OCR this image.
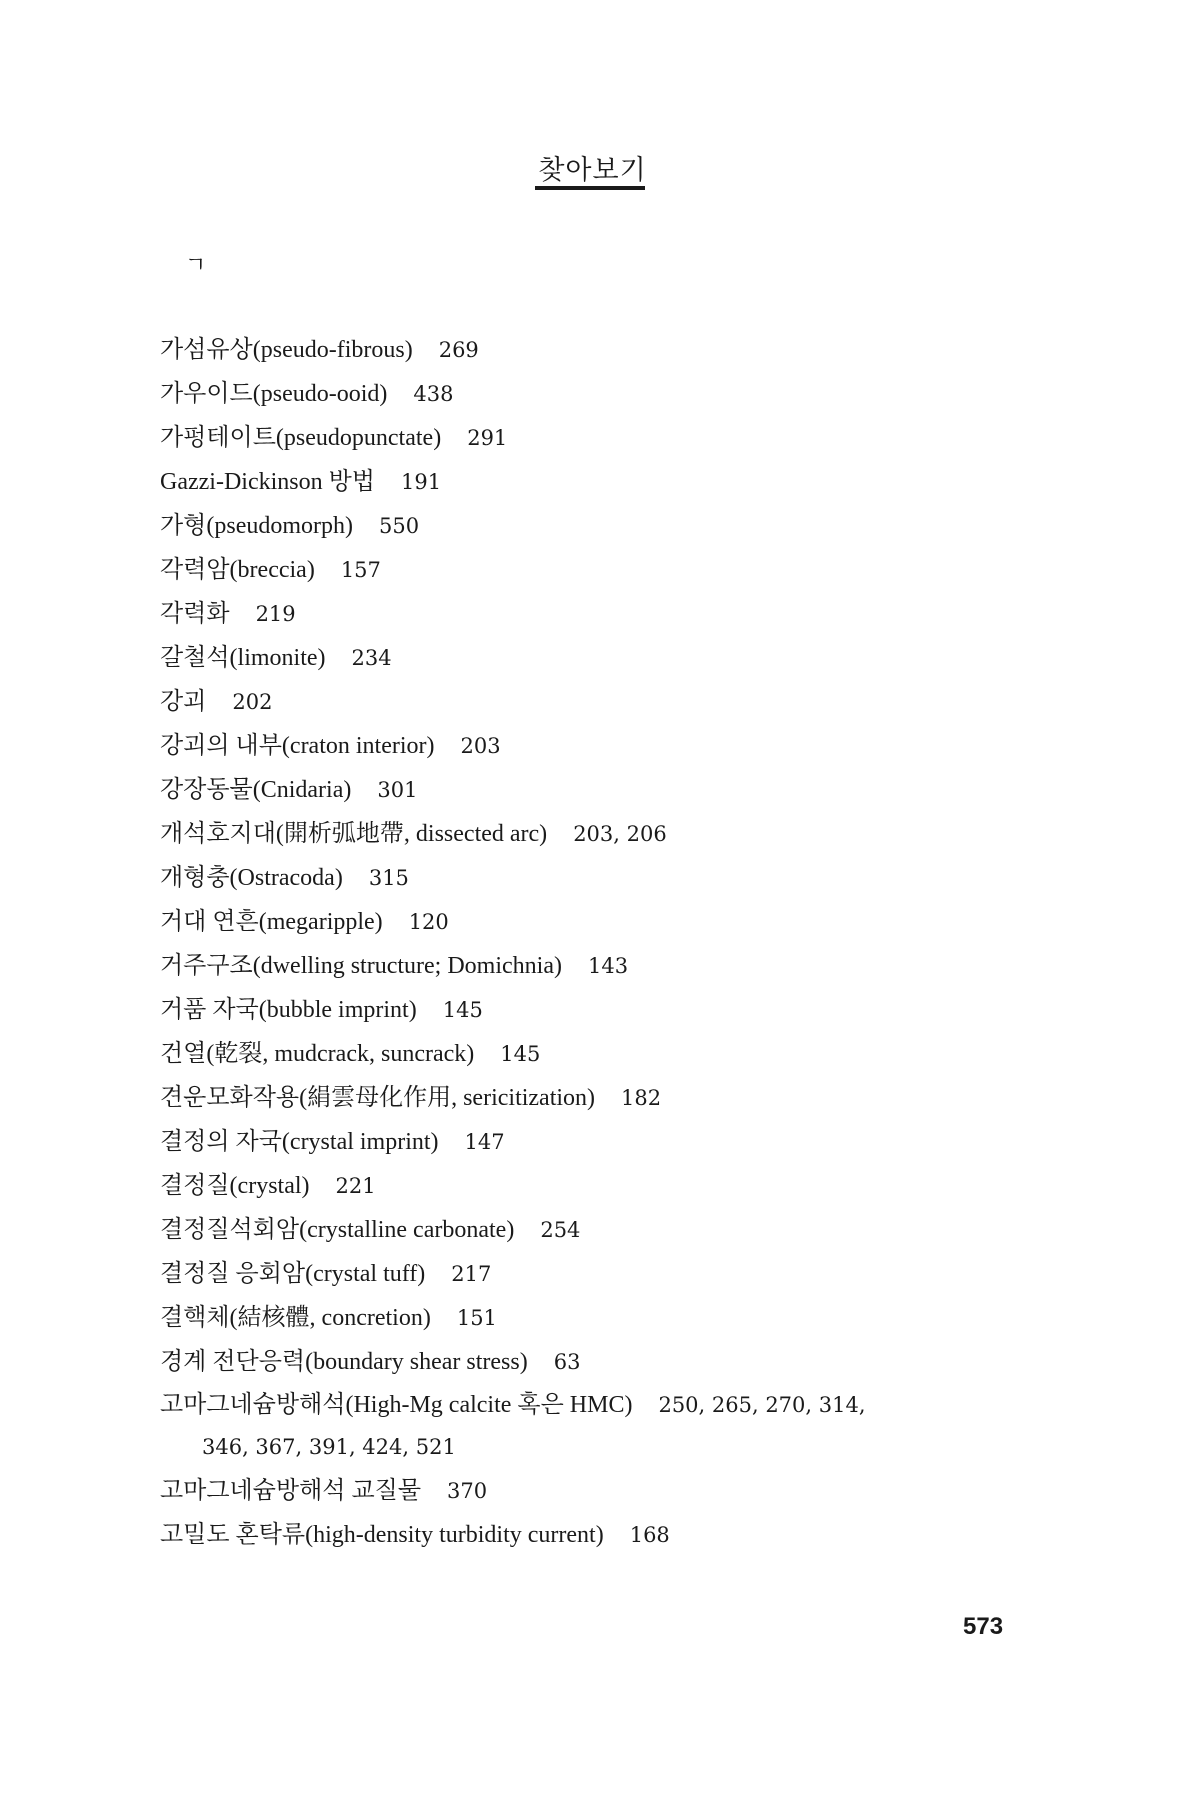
찾아보기
ㄱ
가섬유상(pseudo-fibrous) 269
가우이드(pseudo-ooid) 438
가펑테이트(pseudopunctate) 291
Gazzi-Dickinson 방법 191
가형(pseudomorph) 550
각력암(breccia) 157
각력화 219
갈철석(limonite) 234
강괴 202
강괴의 내부(craton interior) 203
강장동물(Cnidaria) 301
개석호지대(開析弧地帶, dissected arc) 203, 206
개형충(Ostracoda) 315
거대 연흔(megaripple) 120
거주구조(dwelling structure; Domichnia) 143
거품 자국(bubble imprint) 145
건열(乾裂, mudcrack, suncrack) 145
견운모화작용(絹雲母化作用, sericitization) 182
결정의 자국(crystal imprint) 147
결정질(crystal) 221
결정질석회암(crystalline carbonate) 254
결정질 응회암(crystal tuff) 217
결핵체(結核體, concretion) 151
경계 전단응력(boundary shear stress) 63
고마그네슘방해석(High-Mg calcite 혹은 HMC) 250, 265, 270, 314,
346, 367, 391, 424, 521
고마그네슘방해석 교질물 370
고밀도 혼탁류(high-density turbidity current) 168
573
